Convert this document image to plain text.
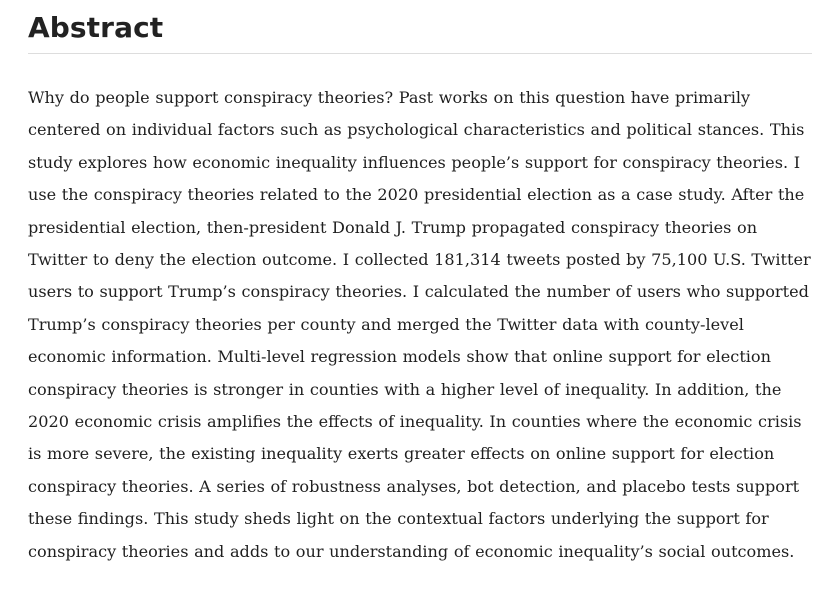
Abstract

Why do people support conspiracy theories? Past works on this question have primarily centered on individual factors such as psychological characteristics and political stances. This study explores how economic inequality influences people’s support for conspiracy theories. I use the conspiracy theories related to the 2020 presidential election as a case study. After the presidential election, then-president Donald J. Trump propagated conspiracy theories on Twitter to deny the election outcome. I collected 181,314 tweets posted by 75,100 U.S. Twitter users to support Trump’s conspiracy theories. I calculated the number of users who supported Trump’s conspiracy theories per county and merged the Twitter data with county-level economic information. Multi-level regression models show that online support for election conspiracy theories is stronger in counties with a higher level of inequality. In addition, the 2020 economic crisis amplifies the effects of inequality. In counties where the economic crisis is more severe, the existing inequality exerts greater effects on online support for election conspiracy theories. A series of robustness analyses, bot detection, and placebo tests support these findings. This study sheds light on the contextual factors underlying the support for conspiracy theories and adds to our understanding of economic inequality’s social outcomes.
